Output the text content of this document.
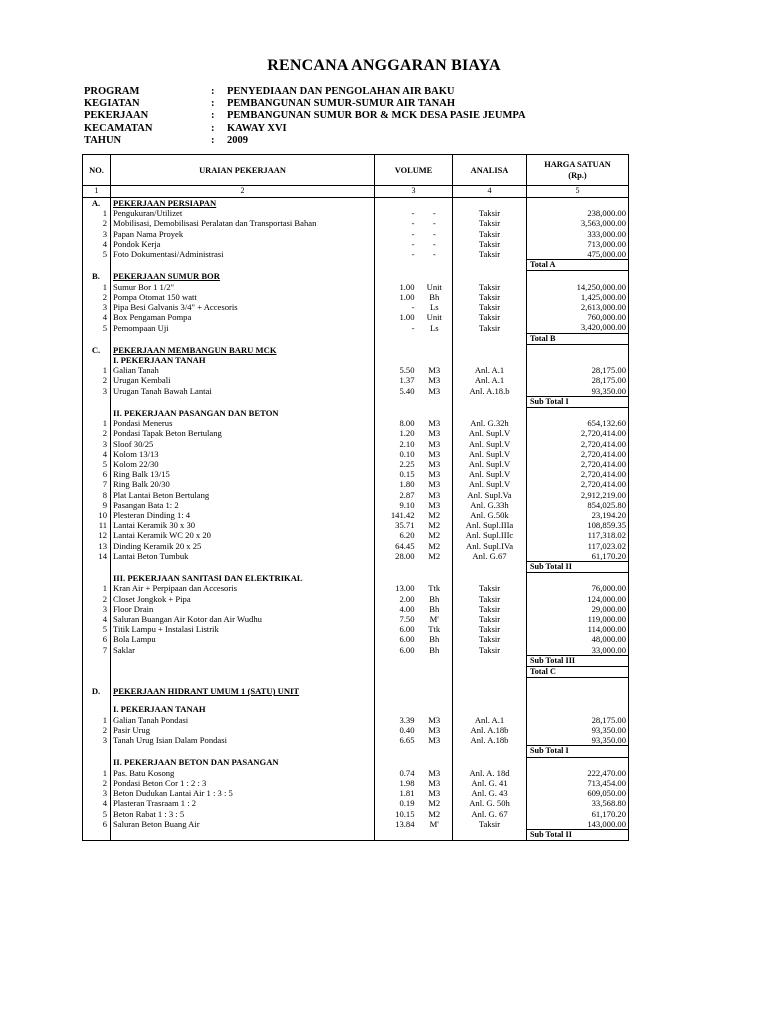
RENCANA ANGGARAN BIAYA
PROGRAM	:	PENYEDIAAN DAN PENGOLAHAN AIR BAKU
KEGIATAN	:	PEMBANGUNAN SUMUR-SUMUR AIR TANAH
PEKERJAAN	:	PEMBANGUNAN SUMUR BOR & MCK DESA PASIE JEUMPA
KECAMATAN	:	KAWAY XVI
TAHUN	:	2009
NO.	URAIAN PEKERJAAN	VOLUME		ANALISA	HARGA SATUAN
(Rp.)
1	2	3		4	5
A.	PEKERJAAN PERSIAPAN				
1	Pengukuran/Utilizet	-	-	Taksir	238,000.00
2	Mobilisasi, Demobilisasi Peralatan dan Transportasi Bahan	-	-	Taksir	3,563,000.00
3	Papan Nama Proyek	-	-	Taksir	333,000.00
4	Pondok Kerja	-	-	Taksir	713,000.00
5	Foto Dokumentasi/Administrasi	-	-	Taksir	475,000.00
					Total A
B.	PEKERJAAN SUMUR BOR				
1	Sumur Bor 1 1/2"	1.00	Unit	Taksir	14,250,000.00
2	Pompa Otomat 150 watt	1.00	Bh	Taksir	1,425,000.00
3	Pipa Besi Galvanis 3/4" + Accesoris	-	Ls	Taksir	2,613,000.00
4	Box Pengaman Pompa	1.00	Unit	Taksir	760,000.00
5	Pemompaan Uji	-	Ls	Taksir	3,420,000.00
					Total B
C.	PEKERJAAN MEMBANGUN BARU MCK				
	I. PEKERJAAN TANAH				
1	Galian Tanah	5.50	M3	Anl. A.1	28,175.00
2	Urugan Kembali	1.37	M3	Anl. A.1	28,175.00
3	Urugan Tanah Bawah Lantai	5.40	M3	Anl. A.18.b	93,350.00
					Sub Total I
	II. PEKERJAAN PASANGAN DAN BETON				
1	Pondasi Menerus	8.00	M3	Anl. G.32h	654,132.60
2	Pondasi Tapak Beton Bertulang	1.20	M3	Anl. Supl.V	2,720,414.00
3	Sloof 30/25	2.10	M3	Anl. Supl.V	2,720,414.00
4	Kolom 13/13	0.10	M3	Anl. Supl.V	2,720,414.00
5	Kolom 22/30	2.25	M3	Anl. Supl.V	2,720,414.00
6	Ring Balk 13/15	0.15	M3	Anl. Supl.V	2,720,414.00
7	Ring Balk 20/30	1.80	M3	Anl. Supl.V	2,720,414.00
8	Plat Lantai Beton Bertulang	2.87	M3	Anl. Supl.Va	2,912,219.00
9	Pasangan Bata 1: 2	9.10	M3	Anl. G.33h	854,025.80
10	Plesteran Dinding 1: 4	141.42	M2	Anl. G.50k	23,194.20
11	Lantai Keramik 30 x 30	35.71	M2	Anl. Supl.IIIa	108,859.35
12	Lantai Keramik WC 20 x 20	6.20	M2	Anl. Supl.IIIc	117,318.02
13	Dinding Keramik 20 x 25	64.45	M2	Anl. Supl.IVa	117,023.02
14	Lantai Beton Tumbuk	28.00	M2	Anl. G.67	61,170.20
					Sub Total II
	III. PEKERJAAN SANITASI DAN ELEKTRIKAL				
1	Kran Air + Perpipaan dan Accesoris	13.00	Ttk	Taksir	76,000.00
2	Closet Jongkok + Pipa	2.00	Bh	Taksir	124,000.00
3	Floor Drain	4.00	Bh	Taksir	29,000.00
4	Saluran Buangan Air Kotor dan Air Wudhu	7.50	M'	Taksir	119,000.00
5	Titik Lampu + Instalasi Listrik	6.00	Ttk	Taksir	114,000.00
6	Bola Lampu	6.00	Bh	Taksir	48,000.00
7	Saklar	6.00	Bh	Taksir	33,000.00
					Sub Total III
					Total C

D.	PEKERJAAN HIDRANT UMUM 1 (SATU) UNIT				

	I. PEKERJAAN TANAH				
1	Galian Tanah Pondasi	3.39	M3	Anl. A.1	28,175.00
2	Pasir Urug	0.40	M3	Anl. A.18b	93,350.00
3	Tanah Urug Isian Dalam Pondasi	6.65	M3	Anl. A.18b	93,350.00
					Sub Total I
	II. PEKERJAAN BETON DAN PASANGAN				
1	Pas. Batu Kosong	0.74	M3	Anl. A. 18d	222,470.00
2	Pondasi Beton Cor 1 : 2 : 3	1.98	M3	Anl. G. 41	713,454.00
3	Beton Dudukan Lantai Air 1 : 3 : 5	1.81	M3	Anl. G. 43	609,050.00
4	Plasteran Trasraam 1 : 2	0.19	M2	Anl. G. 50h	33,568.80
5	Beton Rabat 1 : 3 : 5	10.15	M2	Anl. G. 67	61,170.20
6	Saluran Beton Buang Air	13.84	M'	Taksir	143,000.00
					Sub Total II
